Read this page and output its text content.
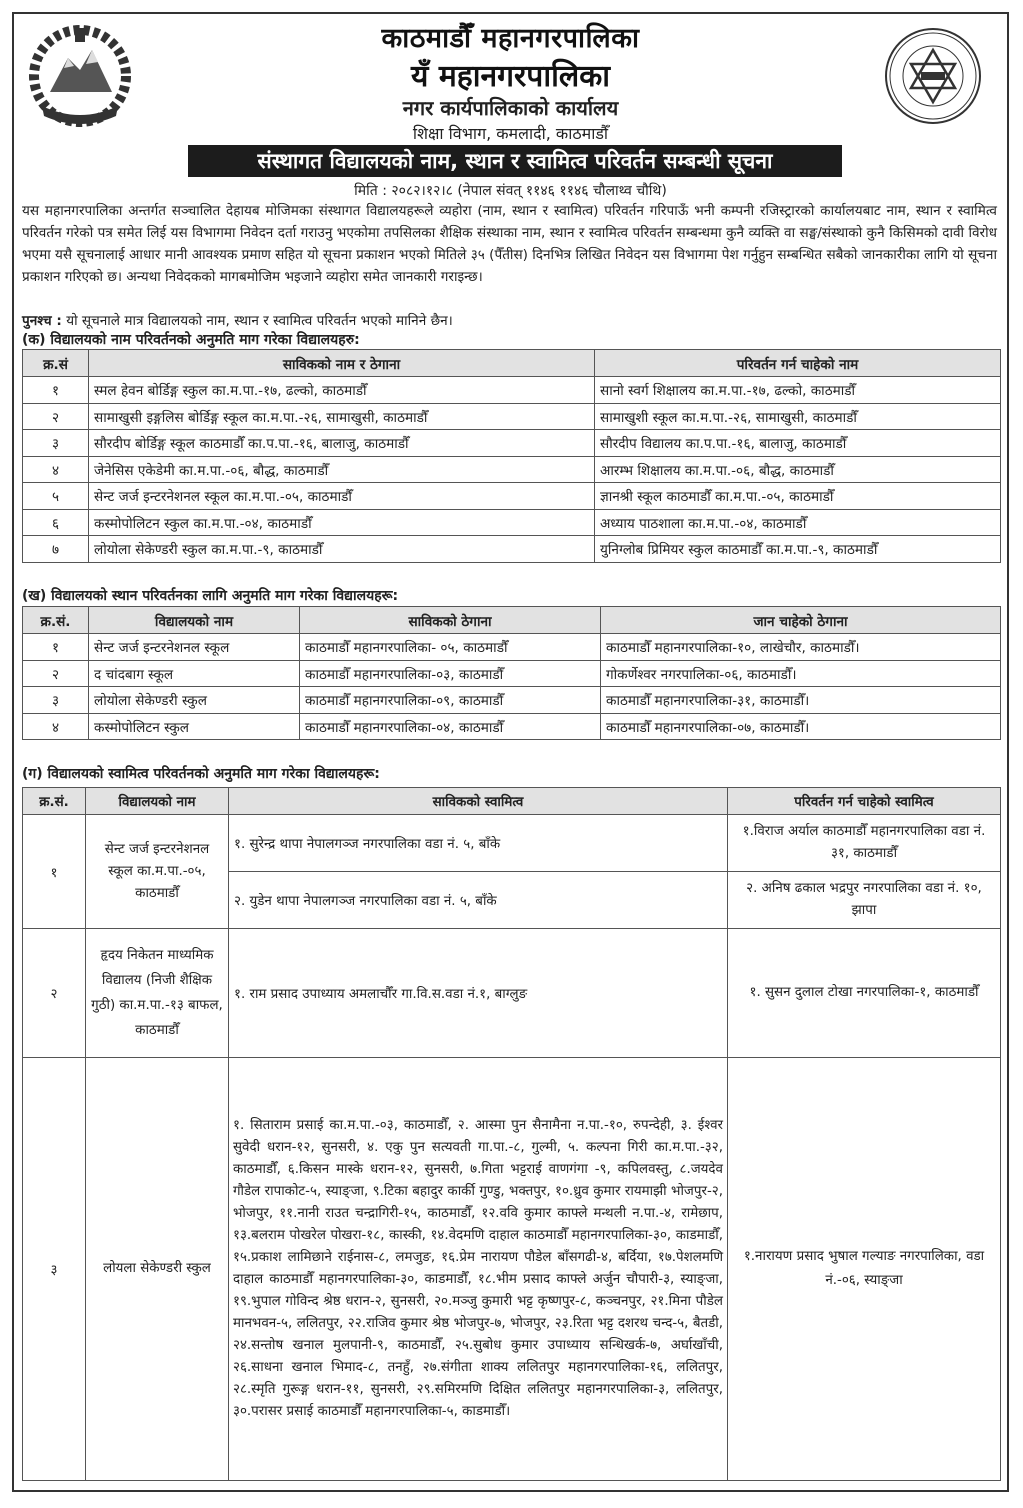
काठमाडौँ महानगरपालिका
यँ महानगरपालिका
नगर कार्यपालिकाको कार्यालय
शिक्षा विभाग, कमलादी, काठमाडौँ
संस्थागत विद्यालयको नाम, स्थान र स्वामित्व परिवर्तन सम्बन्धी सूचना
मिति : २०८२।१२।८ (नेपाल संवत् ११४६ ११४६ चौलाथ्व चौथि)
यस महानगरपालिका अन्तर्गत सञ्चालित देहायब मोजिमका संस्थागत विद्यालयहरूले व्यहोरा (नाम, स्थान र स्वामित्व) परिवर्तन गरिपाऊँ भनी कम्पनी रजिस्ट्रारको कार्यालयबाट नाम, स्थान र स्वामित्व परिवर्तन गरेको पत्र समेत लिई यस विभागमा निवेदन दर्ता गराउनु भएकोमा तपसिलका शैक्षिक संस्थाका नाम, स्थान र स्वामित्व परिवर्तन सम्बन्धमा कुनै व्यक्ति वा सङ्घ/संस्थाको कुनै किसिमको दावी विरोध भएमा यसै सूचनालाई आधार मानी आवश्यक प्रमाण सहित यो सूचना प्रकाशन भएको मितिले ३५ (पैँतीस) दिनभित्र लिखित निवेदन यस विभागमा पेश गर्नुहुन सम्बन्धित सबैको जानकारीका लागि यो सूचना प्रकाशन गरिएको छ। अन्यथा निवेदकको मागबमोजिम भइजाने व्यहोरा समेत जानकारी गराइन्छ।
पुनश्च : यो सूचनाले मात्र विद्यालयको नाम, स्थान र स्वामित्व परिवर्तन भएको मानिने छैन।
(क) विद्यालयको नाम परिवर्तनको अनुमति माग गरेका विद्यालयहरु:
क्र.सं	साविकको नाम र ठेगाना	परिवर्तन गर्न चाहेको नाम
१	स्मल हेवन बोर्डिङ्ग स्कुल का.म.पा.-१७, ढल्को, काठमाडौँ	सानो स्वर्ग शिक्षालय का.म.पा.-१७, ढल्को, काठमाडौँ
२	सामाखुसी इङ्गलिस बोर्डिङ्ग स्कूल का.म.पा.-२६, सामाखुसी, काठमाडौँ	सामाखुशी स्कूल का.म.पा.-२६, सामाखुसी, काठमाडौँ
३	सौरदीप बोर्डिङ्ग स्कूल काठमाडौँ का.प.पा.-१६, बालाजु, काठमाडौँ	सौरदीप विद्यालय का.प.पा.-१६, बालाजु, काठमाडौँ
४	जेनेसिस एकेडेमी का.म.पा.-०६, बौद्ध, काठमाडौँ	आरम्भ शिक्षालय का.म.पा.-०६, बौद्ध, काठमाडौँ
५	सेन्ट जर्ज इन्टरनेशनल स्कूल का.म.पा.-०५, काठमाडौँ	ज्ञानश्री स्कूल काठमाडौँ का.म.पा.-०५, काठमाडौँ
६	कस्मोपोलिटन स्कुल का.म.पा.-०४, काठमाडौँ	अध्याय पाठशाला का.म.पा.-०४, काठमाडौँ
७	लोयोला सेकेण्डरी स्कुल का.म.पा.-९, काठमाडौँ	युनिग्लोब प्रिमियर स्कुल काठमाडौँ का.म.पा.-९, काठमाडौँ
(ख) विद्यालयको स्थान परिवर्तनका लागि अनुमति माग गरेका विद्यालयहरू:
क्र.सं.	विद्यालयको नाम	साविकको ठेगाना	जान चाहेको ठेगाना
१	सेन्ट जर्ज इन्टरनेशनल स्कूल	काठमाडौँ महानगरपालिका- ०५, काठमाडौँ	काठमाडौँ महानगरपालिका-१०, लाखेचौर, काठमाडौँ।
२	द चांदबाग स्कूल	काठमाडौँ महानगरपालिका-०३, काठमाडौँ	गोकर्णेश्वर नगरपालिका-०६, काठमाडौँ।
३	लोयोला सेकेण्डरी स्कुल	काठमाडौँ महानगरपालिका-०९, काठमाडौँ	काठमाडौँ महानगरपालिका-३१, काठमाडौँ।
४	कस्मोपोलिटन स्कुल	काठमाडौँ महानगरपालिका-०४, काठमाडौँ	काठमाडौँ महानगरपालिका-०७, काठमाडौँ।
(ग) विद्यालयको स्वामित्व परिवर्तनको अनुमति माग गरेका विद्यालयहरू:
क्र.सं.	विद्यालयको नाम	साविकको स्वामित्व	परिवर्तन गर्न चाहेको स्वामित्व
१	सेन्ट जर्ज इन्टरनेशनल स्कूल का.म.पा.-०५, काठमाडौँ	१. सुरेन्द्र थापा नेपालगञ्ज नगरपालिका वडा नं. ५, बाँके	१.विराज अर्याल काठमाडौँ महानगरपालिका वडा नं. ३१, काठमाडौँ
		२. युडेन थापा नेपालगञ्ज नगरपालिका वडा नं. ५, बाँके	२. अनिष ढकाल भद्रपुर नगरपालिका वडा नं. १०, झापा
२	हृदय निकेतन माध्यमिक विद्यालय (निजी शैक्षिक गुठी) का.म.पा.-१३ बाफल, काठमाडौँ	१. राम प्रसाद उपाध्याय अमलाचौँर गा.वि.स.वडा नं.१, बाग्लुङ	१. सुसन दुलाल टोखा नगरपालिका-१, काठमाडौँ
३	लोयला सेकेण्डरी स्कुल	१. सिताराम प्रसाई का.म.पा.-०३, काठमाडौँ, २. आस्मा पुन सैनामैना न.पा.-१०, रुपन्देही, ३. ईश्वर सुवेदी धरान-१२, सुनसरी, ४. एकु पुन सत्यवती गा.पा.-८, गुल्मी, ५. कल्पना गिरी का.म.पा.-३२, काठमाडौँ, ६.किसन मास्के धरान-१२, सुनसरी, ७.गिता भट्टराई वाणगंगा -९, कपिलवस्तु, ८.जयदेव गौडेल रापाकोट-५, स्याङ्जा, ९.टिका बहादुर कार्की गुण्डु, भक्तपुर, १०.ध्रुव कुमार रायमाझी भोजपुर-२, भोजपुर, ११.नानी राउत चन्द्रागिरी-१५, काठमाडौँ, १२.ववि कुमार काफ्ले मन्थली न.पा.-४, रामेछाप, १३.बलराम पोखरेल पोखरा-१८, कास्की, १४.वेदमणि दाहाल काठमाडौँ महानगरपालिका-३०, काडमाडौँ, १५.प्रकाश लामिछाने राईनास-८, लमजुङ, १६.प्रेम नारायण पौडेल बाँसगढी-४, बर्दिया, १७.पेशलमणि दाहाल काठमाडौँ महानगरपालिका-३०, काडमाडौँ, १८.भीम प्रसाद काफ्ले अर्जुन चौपारी-३, स्याङ्जा, १९.भुपाल गोविन्द श्रेष्ठ धरान-२, सुनसरी, २०.मञ्जु कुमारी भट्ट कृष्णपुर-८, कञ्चनपुर, २१.मिना पौडेल मानभवन-५, ललितपुर, २२.राजिव कुमार श्रेष्ठ भोजपुर-७, भोजपुर, २३.रिता भट्ट दशरथ चन्द-५, बैतडी, २४.सन्तोष खनाल मुलपानी-९, काठमाडौँ, २५.सुबोध कुमार उपाध्याय सन्धिखर्क-७, अर्घाखाँची, २६.साधना खनाल भिमाद-८, तनहुँ, २७.संगीता शाक्य ललितपुर महानगरपालिका-१६, ललितपुर, २८.स्मृति गुरूङ्ग धरान-११, सुनसरी, २९.समिरमणि दिक्षित ललितपुर महानगरपालिका-३, ललितपुर, ३०.परासर प्रसाई काठमाडौँ महानगरपालिका-५, काडमाडौँ।	१.नारायण प्रसाद भुषाल गल्याङ नगरपालिका, वडा नं.-०६, स्याङ्जा
